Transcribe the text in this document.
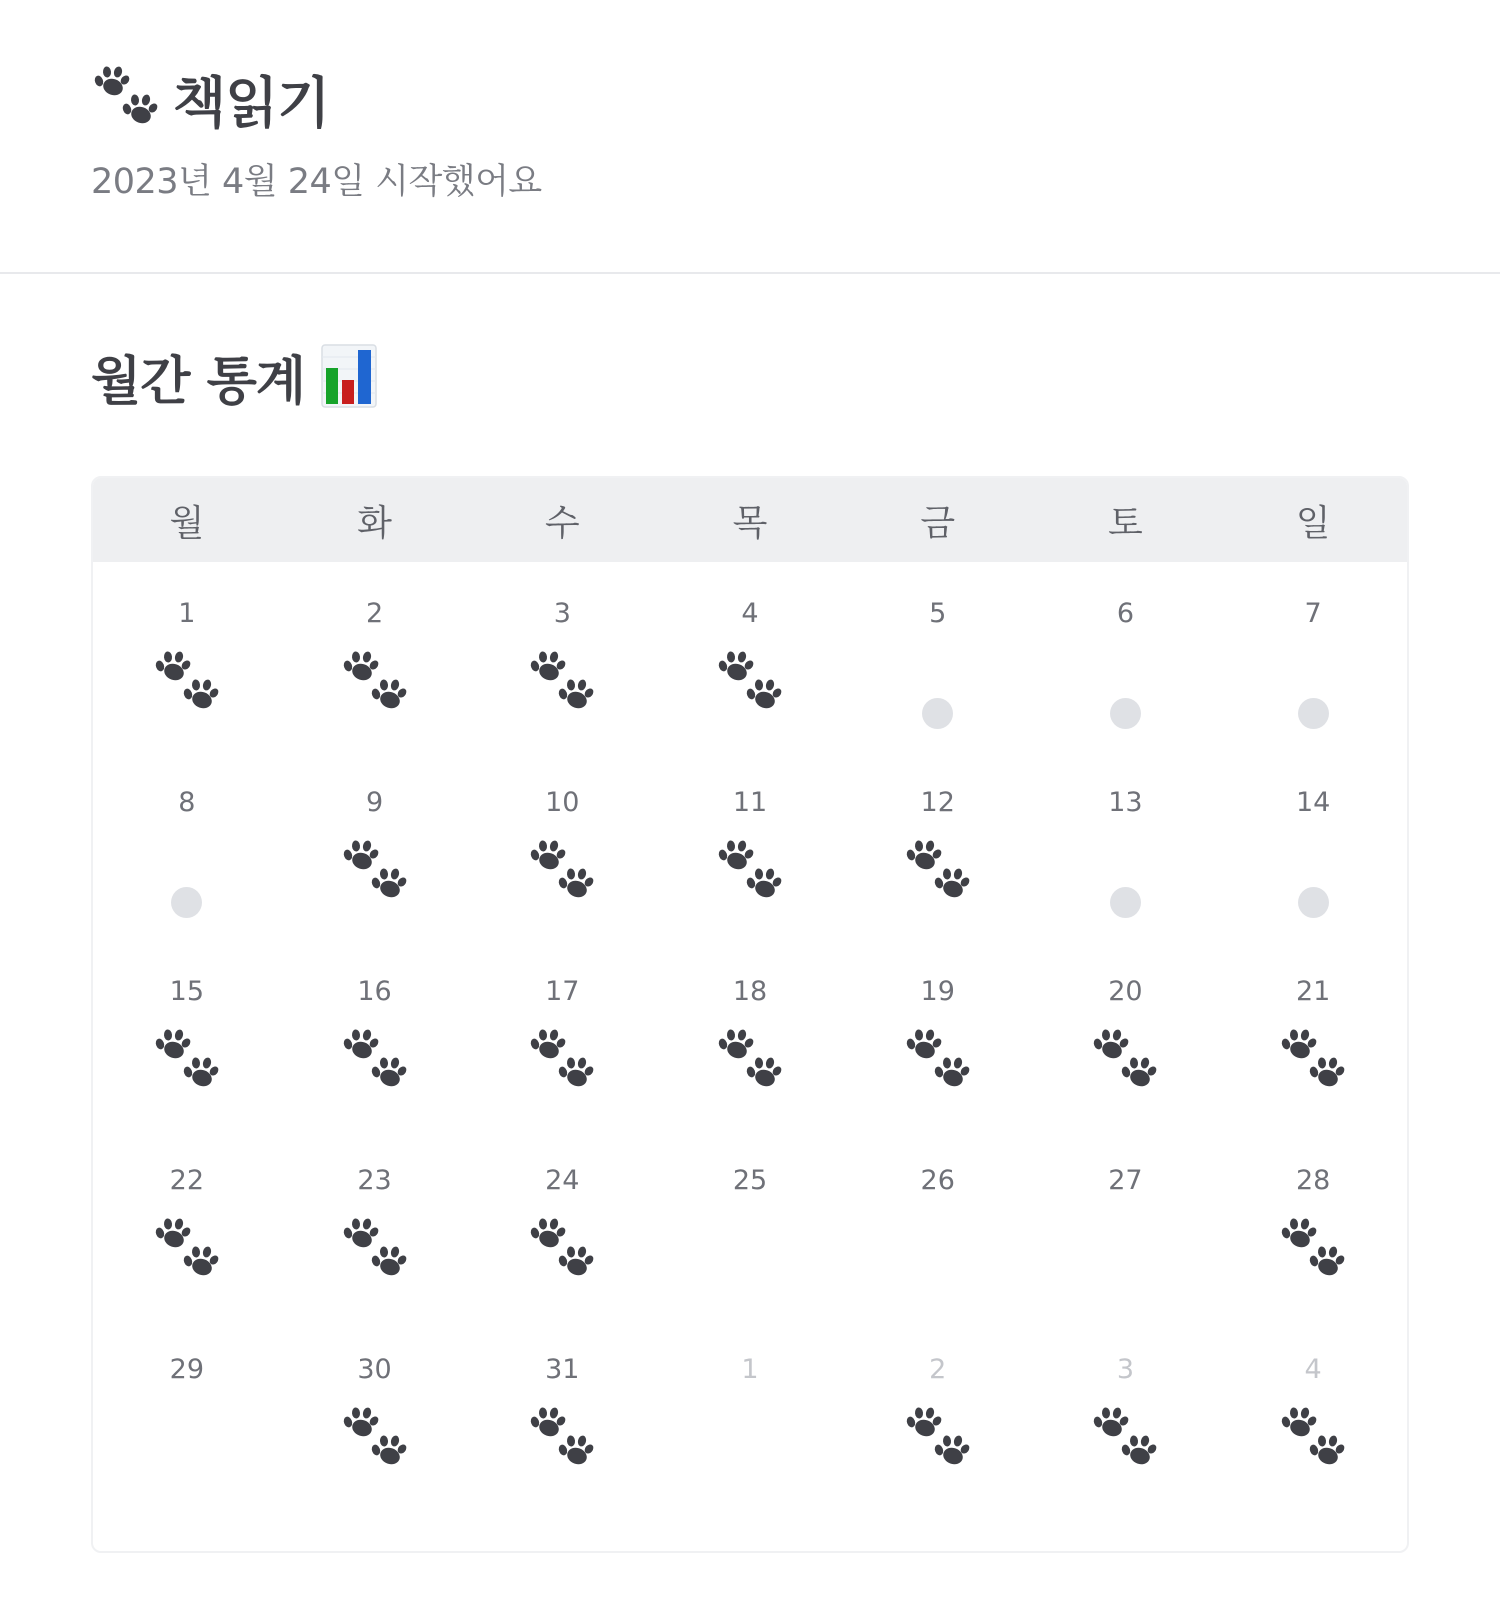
책읽기
2023년 4월 24일 시작했어요
월간 통계
월	화	수	목	금	토	일
1	2	3	4	5	6	7
8	9	10	11	12	13	14
15	16	17	18	19	20	21
22	23	24	25	26	27	28
29	30	31	1	2	3	4
